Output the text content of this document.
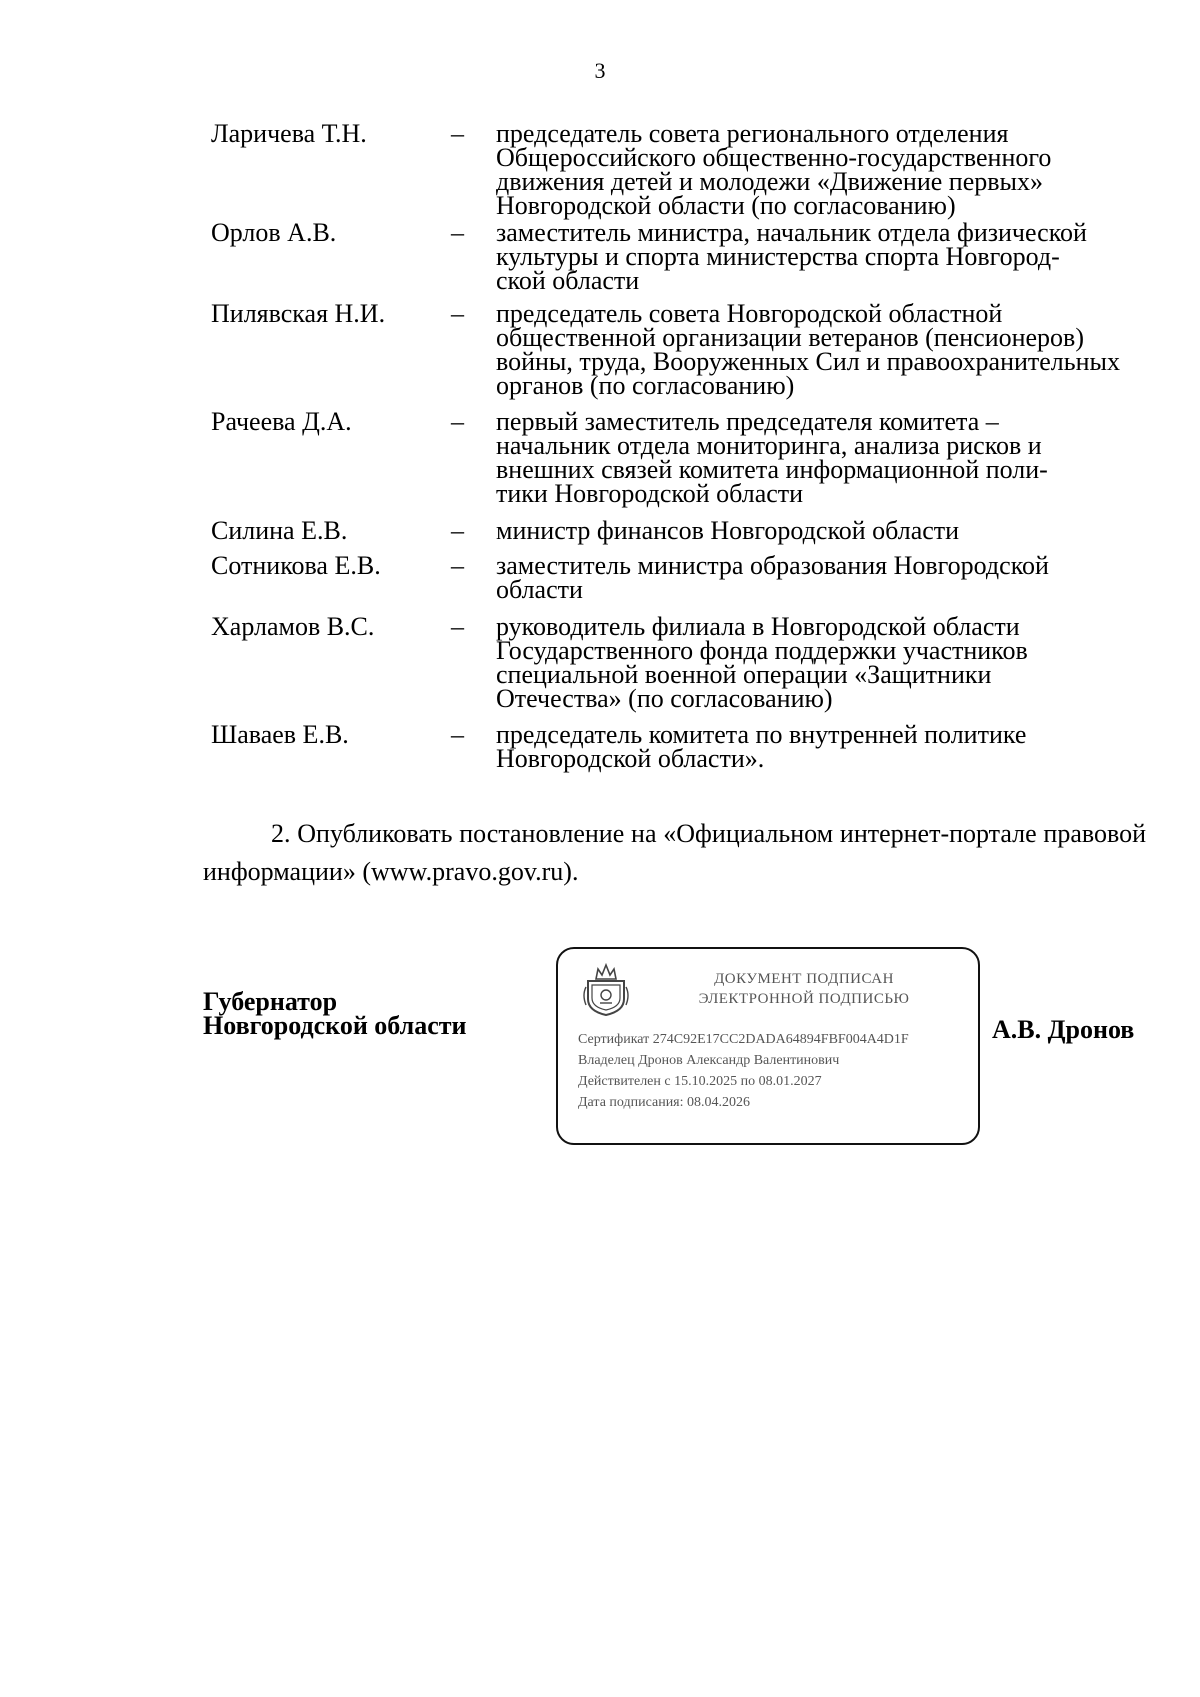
3
Ларичева Т.Н.	–	председатель совета регионального отделения
Общероссийского общественно-государственного
движения детей и молодежи «Движение первых»
Новгородской области (по согласованию)
Орлов А.В.	–	заместитель министра, начальник отдела физической
культуры и спорта министерства спорта Новгород-
ской области
Пилявская Н.И.	–	председатель совета Новгородской областной
общественной организации ветеранов (пенсионеров)
войны, труда, Вооруженных Сил и правоохранительных
органов (по согласованию)
Рачеева Д.А.	–	первый заместитель председателя комитета –
начальник отдела мониторинга, анализа рисков и
внешних связей комитета информационной поли-
тики Новгородской области
Силина Е.В.	–	министр финансов Новгородской области
Сотникова Е.В.	–	заместитель министра образования Новгородской
области
Харламов В.С.	–	руководитель филиала в Новгородской области
Государственного фонда поддержки участников
специальной военной операции «Защитники
Отечества» (по согласованию)
Шаваев Е.В.	–	председатель комитета по внутренней политике
Новгородской области».
2. Опубликовать постановление на «Официальном интернет-портале правовой информации» (www.pravo.gov.ru).
Губернатор
Новгородской области
ДОКУМЕНТ ПОДПИСАН
ЭЛЕКТРОННОЙ ПОДПИСЬЮ
Сертификат 274C92E17CC2DADA64894FBF004A4D1F
Владелец Дронов Александр Валентинович
Действителен с 15.10.2025 по 08.01.2027
Дата подписания: 08.04.2026
А.В. Дронов
